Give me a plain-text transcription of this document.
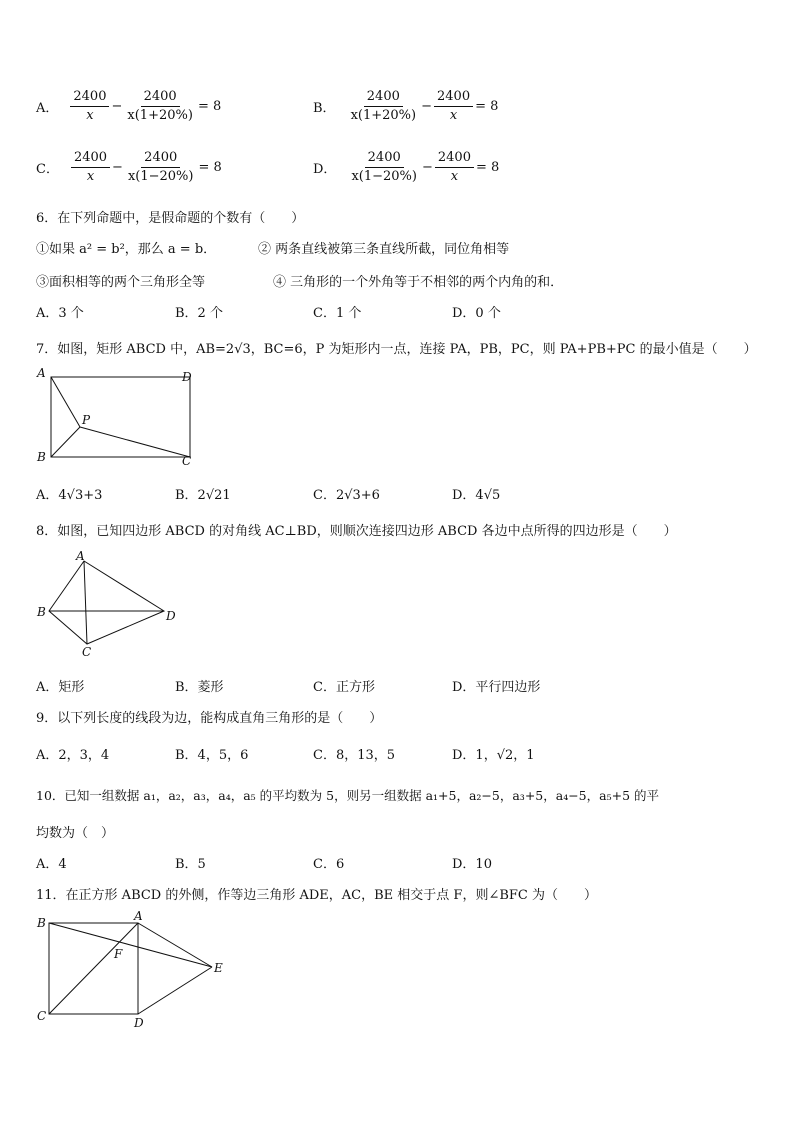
A． $\frac{2400}{x} - \frac{2400}{x(1+20\%)} = 8$	B． $\frac{2400}{x(1+20\%)} - \frac{2400}{x} = 8$
C． $\frac{2400}{x} - \frac{2400}{x(1-20\%)} = 8$	D． $\frac{2400}{x(1-20\%)} - \frac{2400}{x} = 8$
6．在下列命题中，是假命题的个数有（　　）
①如果 a² = b²，那么 a = b．	② 两条直线被第三条直线所截，同位角相等
③面积相等的两个三角形全等	④ 三角形的一个外角等于不相邻的两个内角的和．
A．3 个	B．2 个	C．1 个	D．0 个
7．如图，矩形 ABCD 中，AB=2√3，BC=6，P 为矩形内一点，连接 PA，PB，PC，则 PA+PB+PC 的最小值是（　　）
A
B	C
D
P
A．4√3+3	B．2√21	C．2√3+6	D．4√5
8．如图，已知四边形 ABCD 的对角线 AC⊥BD，则顺次连接四边形 ABCD 各边中点所得的四边形是（　　）
A
B
C
D
A．矩形	B．菱形	C．正方形	D．平行四边形
9．以下列长度的线段为边，能构成直角三角形的是（　　）
A．2，3，4	B．4，5，6	C．8，13，5	D．1，√2，1
10．已知一组数据 a₁，a₂，a₃，a₄，a₅ 的平均数为 5，则另一组数据 a₁+5，a₂−5，a₃+5，a₄−5，a₅+5 的平
均数为（　）
A．4	B．5	C．6	D．10
11．在正方形 ABCD 的外侧，作等边三角形 ADE，AC，BE 相交于点 F，则∠BFC 为（　　）
B	A
F
E
C	D
